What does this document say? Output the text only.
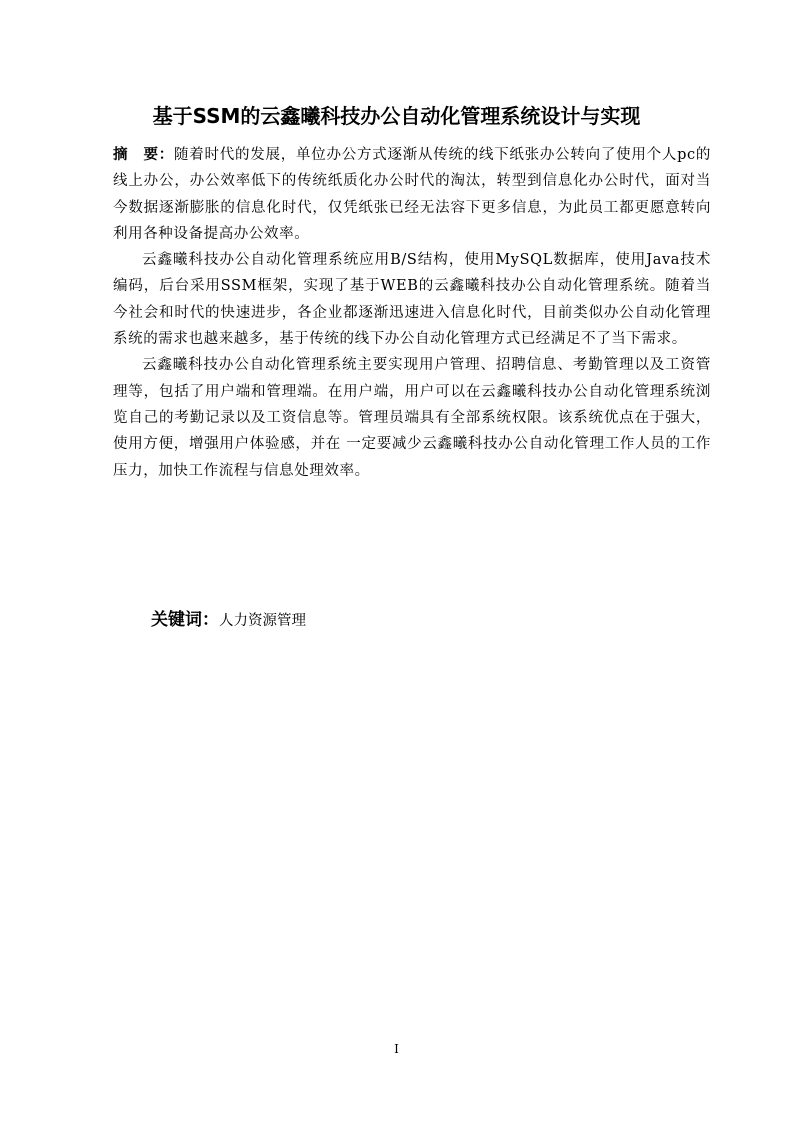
基于SSM的云鑫曦科技办公自动化管理系统设计与实现

摘　要：随着时代的发展，单位办公方式逐渐从传统的线下纸张办公转向了使用个人pc的线上办公，办公效率低下的传统纸质化办公时代的淘汰，转型到信息化办公时代，面对当今数据逐渐膨胀的信息化时代，仅凭纸张已经无法容下更多信息，为此员工都更愿意转向利用各种设备提高办公效率。

云鑫曦科技办公自动化管理系统应用B/S结构，使用MySQL数据库，使用Java技术编码，后台采用SSM框架，实现了基于WEB的云鑫曦科技办公自动化管理系统。随着当今社会和时代的快速进步，各企业都逐渐迅速进入信息化时代，目前类似办公自动化管理系统的需求也越来越多，基于传统的线下办公自动化管理方式已经满足不了当下需求。

云鑫曦科技办公自动化管理系统主要实现用户管理、招聘信息、考勤管理以及工资管理等，包括了用户端和管理端。在用户端，用户可以在云鑫曦科技办公自动化管理系统浏览自己的考勤记录以及工资信息等。管理员端具有全部系统权限。该系统优点在于强大，使用方便，增强用户体验感，并在 一定要减少云鑫曦科技办公自动化管理工作人员的工作压力，加快工作流程与信息处理效率。

关键词：人力资源管理
I
